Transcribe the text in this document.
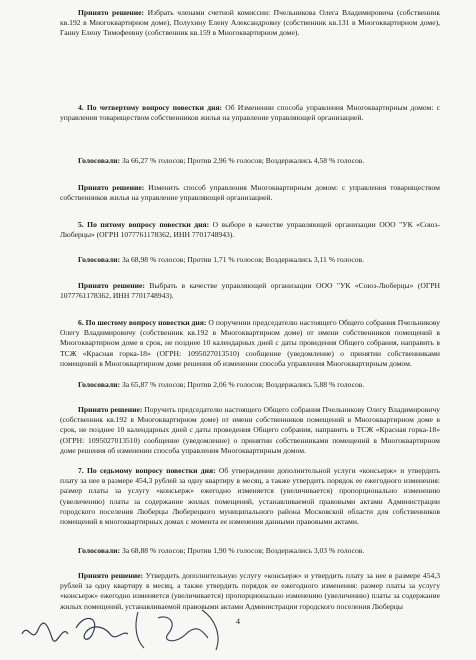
Принято решение: Избрать членами счетной комиссии: Пчельникова Олега Владимировича (собственник кв.192 в Многоквартирном доме), Полухину Елену Александровну (собственник кв.131 в Многоквартирном доме), Ганну Елену Тимофеевну (собственник кв.159 в Многоквартирном доме).

4. По четвертому вопросу повестки дня: Об Изменении способа управления Многоквартирным домом: с управления товариществом собственников жилья на управление управляющей организацией.

Голосовали: За 66,27 % голосов; Против 2,96 % голосов; Воздержались 4,58 % голосов.

Принято решение: Изменить способ управления Многоквартирным домом: с управления товариществом собственников жилья на управление управляющей организацией.

5. По пятому вопросу повестки дня: О выборе в качестве управляющей организации ООО "УК «Союз-Люберцы» (ОГРН 1077761178362, ИНН 7701748943).

Голосовали: За 68,98 % голосов; Против 1,71 % голосов; Воздержались 3,11 % голосов.

Принято решение: Выбрать в качестве управляющей организации ООО "УК «Союз-Люберцы» (ОГРН 1077761178362, ИНН 7701748943).

6. По шестому вопросу повестки дня: О поручении председателю настоящего Общего собрания Пчельникову Олегу Владимировичу (собственник кв.192 в Многоквартирном доме) от имени собственников помещений в Многоквартирном доме в срок, не позднее 10 календарных дней с даты проведения Общего собрания, направить в ТСЖ «Красная горка-18» (ОГРН: 1095027013510) сообщение (уведомление) о принятии собственниками помещений в Многоквартирном доме решения об изменении способа управления Многоквартирным домом.

Голосовали: За 65,87 % голосов; Против 2,06 % голосов; Воздержались 5,88 % голосов.

Принято решение: Поручить председателю настоящего Общего собрания Пчельникову Олегу Владимировичу (собственник кв.192 в Многоквартирном доме) от имени собственников помещений в Многоквартирном доме в срок, не позднее 10 календарных дней с даты проведения Общего собрания, направить в ТСЖ «Красная горка-18» (ОГРН: 1095027013510) сообщение (уведомление) о принятии собственниками помещений в Многоквартирном доме решения об изменении способа управления Многоквартирным домом.

7. По седьмому вопросу повестки дня: Об утверждении дополнительной услуги «консьерж» и утвердить плату за нее в размере 454,3 рублей за одну квартиру в месяц, а также утвердить порядок ее ежегодного изменения: размер платы за услугу «консьерж» ежегодно изменяется (увеличивается) пропорционально изменению (увеличению) платы за содержание жилых помещений, устанавливаемой правовыми актами Администрации городского поселения Люберцы Люберецкого муниципального района Московской области для собственников помещений в многоквартирных домах с момента ее изменения данными правовыми актами.

Голосовали: За 68,88 % голосов; Против 1,90 % голосов; Воздержались 3,03 % голосов.

Принято решение: Утвердить дополнительную услугу «консьерж» и утвердить плату за нее в размере 454,3 рублей за одну квартиру в месяц, а также утвердить порядок ее ежегодного изменения: размер платы за услугу «консьерж» ежегодно изменяется (увеличивается) пропорционально изменению (увеличению) платы за содержание жилых помещений, устанавливаемой правовыми актами Администрации городского поселения Люберцы

4
